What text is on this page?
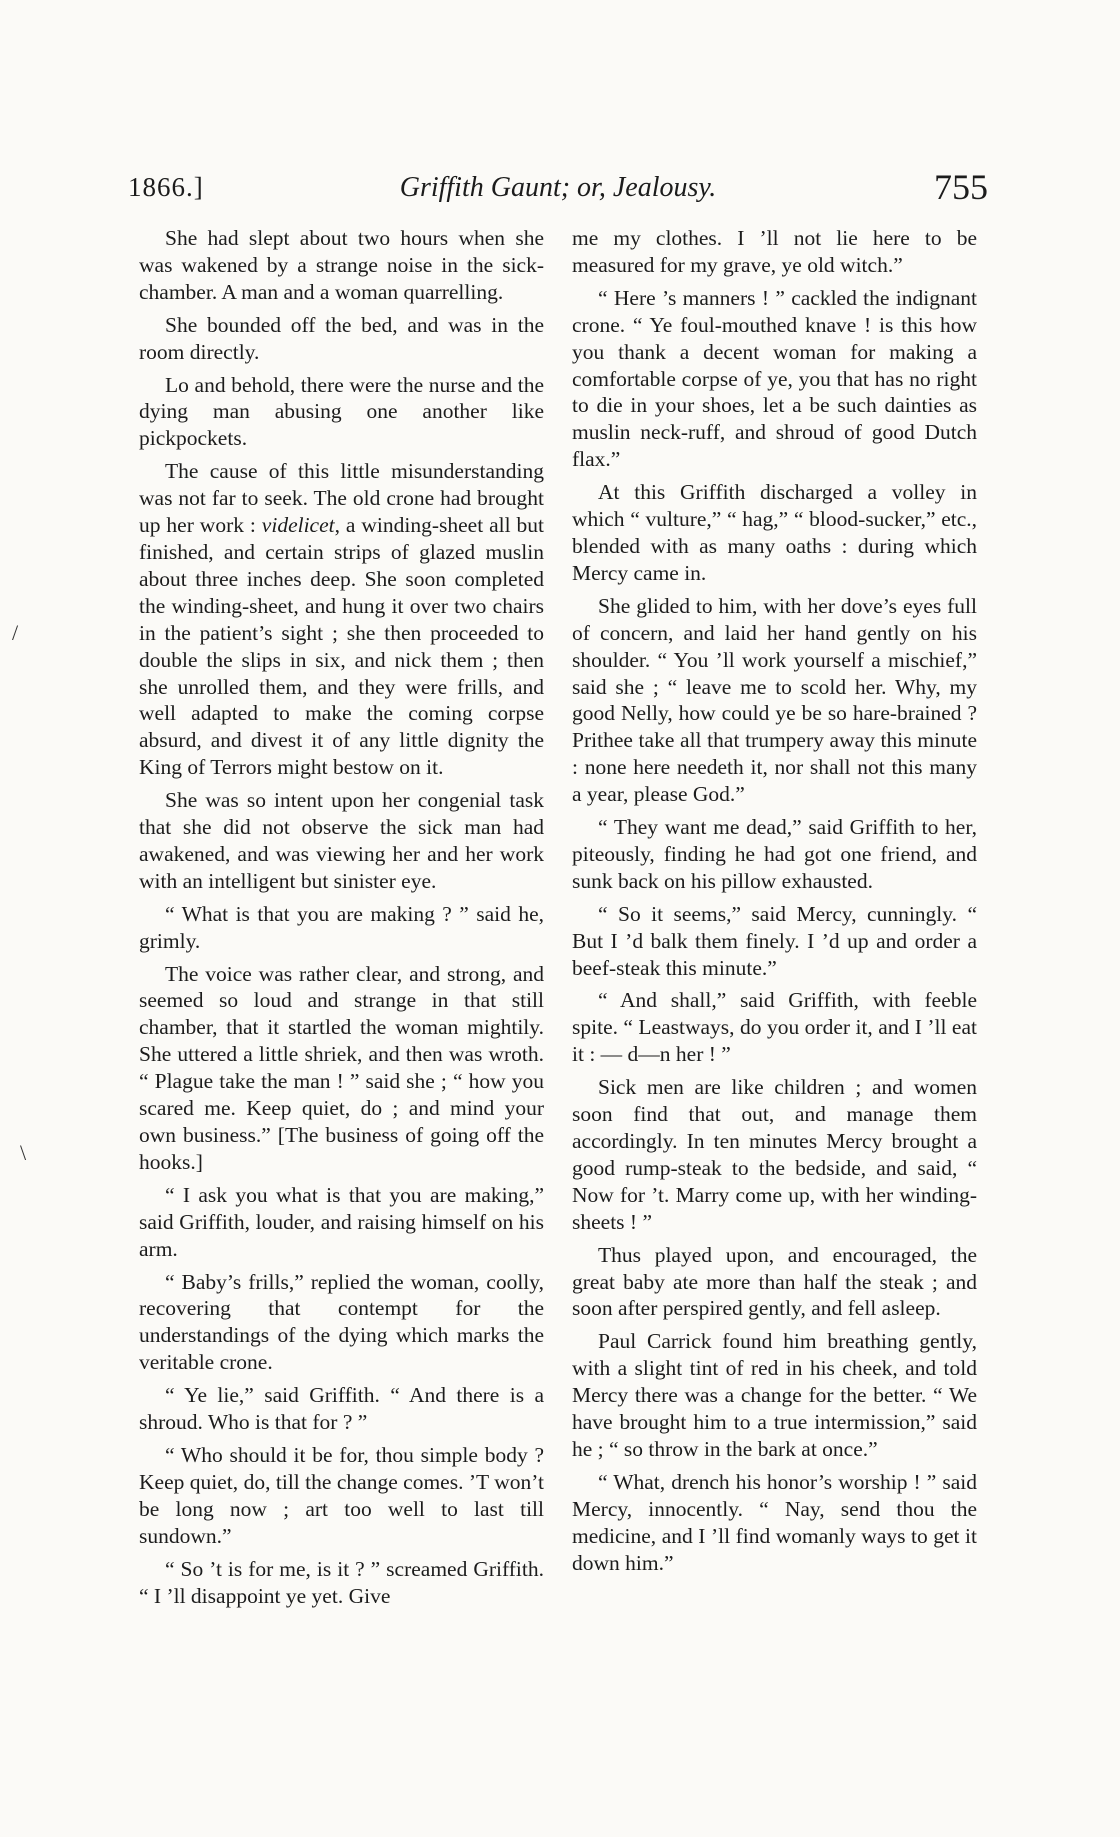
1866.]	Griffith Gaunt; or, Jealousy.	755
/
\

She had slept about two hours when she was wakened by a strange noise in the sick-chamber. A man and a woman quarrelling.

She bounded off the bed, and was in the room directly.

Lo and behold, there were the nurse and the dying man abusing one another like pickpockets.

The cause of this little misunderstanding was not far to seek. The old crone had brought up her work : videlicet, a winding-sheet all but finished, and certain strips of glazed muslin about three inches deep. She soon completed the winding-sheet, and hung it over two chairs in the patient’s sight ; she then proceeded to double the slips in six, and nick them ; then she unrolled them, and they were frills, and well adapted to make the coming corpse absurd, and divest it of any little dignity the King of Terrors might bestow on it.

She was so intent upon her congenial task that she did not observe the sick man had awakened, and was viewing her and her work with an intelligent but sinister eye.

“ What is that you are making ? ” said he, grimly.

The voice was rather clear, and strong, and seemed so loud and strange in that still chamber, that it startled the woman mightily. She uttered a little shriek, and then was wroth. “ Plague take the man ! ” said she ; “ how you scared me. Keep quiet, do ; and mind your own business.” [The business of going off the hooks.]

“ I ask you what is that you are making,” said Griffith, louder, and raising himself on his arm.

“ Baby’s frills,” replied the woman, coolly, recovering that contempt for the understandings of the dying which marks the veritable crone.

“ Ye lie,” said Griffith. “ And there is a shroud. Who is that for ? ”

“ Who should it be for, thou simple body ? Keep quiet, do, till the change comes. ’T won’t be long now ; art too well to last till sundown.”

“ So ’t is for me, is it ? ” screamed Griffith. “ I ’ll disappoint ye yet. Give

me my clothes. I ’ll not lie here to be measured for my grave, ye old witch.”

“ Here ’s manners ! ” cackled the indignant crone. “ Ye foul-mouthed knave ! is this how you thank a decent woman for making a comfortable corpse of ye, you that has no right to die in your shoes, let a be such dainties as muslin neck-ruff, and shroud of good Dutch flax.”

At this Griffith discharged a volley in which “ vulture,” “ hag,” “ blood-sucker,” etc., blended with as many oaths : during which Mercy came in.

She glided to him, with her dove’s eyes full of concern, and laid her hand gently on his shoulder. “ You ’ll work yourself a mischief,” said she ; “ leave me to scold her. Why, my good Nelly, how could ye be so hare-brained ? Prithee take all that trumpery away this minute : none here needeth it, nor shall not this many a year, please God.”

“ They want me dead,” said Griffith to her, piteously, finding he had got one friend, and sunk back on his pillow exhausted.

“ So it seems,” said Mercy, cunningly. “ But I ’d balk them finely. I ’d up and order a beef-steak this minute.”

“ And shall,” said Griffith, with feeble spite. “ Leastways, do you order it, and I ’ll eat it : — d—n her ! ”

Sick men are like children ; and women soon find that out, and manage them accordingly. In ten minutes Mercy brought a good rump-steak to the bedside, and said, “ Now for ’t. Marry come up, with her winding-sheets ! ”

Thus played upon, and encouraged, the great baby ate more than half the steak ; and soon after perspired gently, and fell asleep.

Paul Carrick found him breathing gently, with a slight tint of red in his cheek, and told Mercy there was a change for the better. “ We have brought him to a true intermission,” said he ; “ so throw in the bark at once.”

“ What, drench his honor’s worship ! ” said Mercy, innocently. “ Nay, send thou the medicine, and I ’ll find womanly ways to get it down him.”
